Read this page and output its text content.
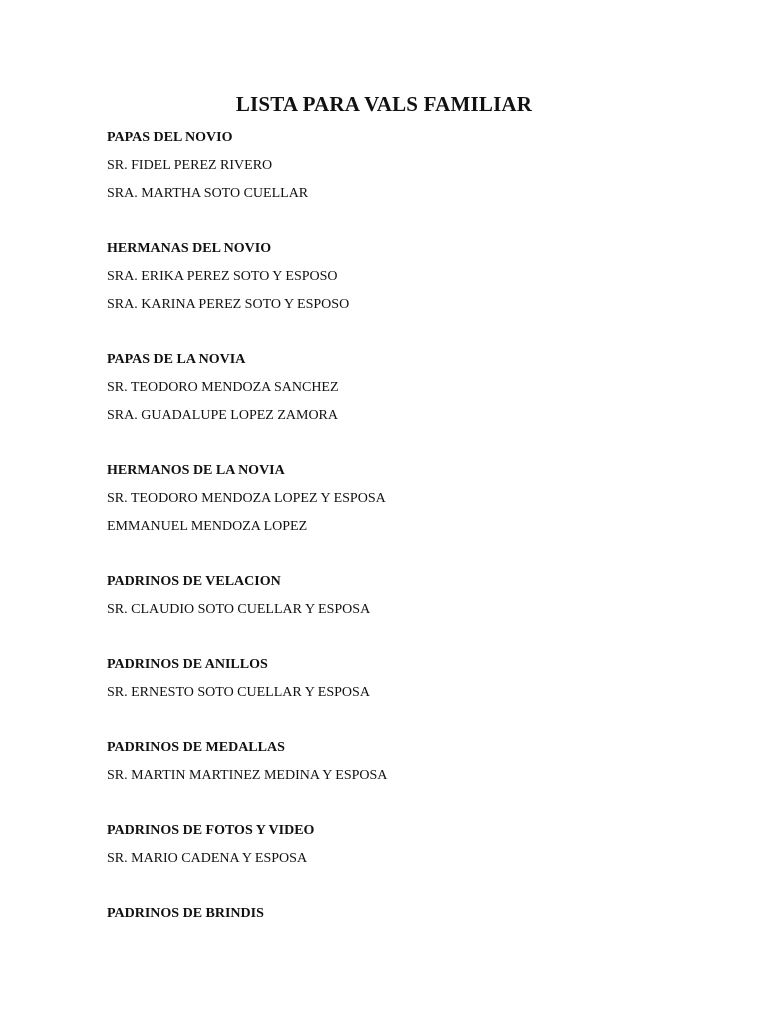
LISTA PARA VALS FAMILIAR
PAPAS DEL NOVIO
SR. FIDEL PEREZ RIVERO
SRA. MARTHA SOTO CUELLAR
HERMANAS DEL NOVIO
SRA. ERIKA PEREZ SOTO Y ESPOSO
SRA. KARINA PEREZ SOTO Y ESPOSO
PAPAS DE LA NOVIA
SR. TEODORO MENDOZA SANCHEZ
SRA. GUADALUPE LOPEZ ZAMORA
HERMANOS DE LA NOVIA
SR. TEODORO MENDOZA LOPEZ Y ESPOSA
EMMANUEL MENDOZA LOPEZ
PADRINOS DE VELACION
SR. CLAUDIO SOTO CUELLAR Y ESPOSA
PADRINOS DE ANILLOS
SR. ERNESTO SOTO CUELLAR Y ESPOSA
PADRINOS DE MEDALLAS
SR. MARTIN MARTINEZ MEDINA Y ESPOSA
PADRINOS DE FOTOS Y VIDEO
SR. MARIO CADENA Y ESPOSA
PADRINOS DE BRINDIS
